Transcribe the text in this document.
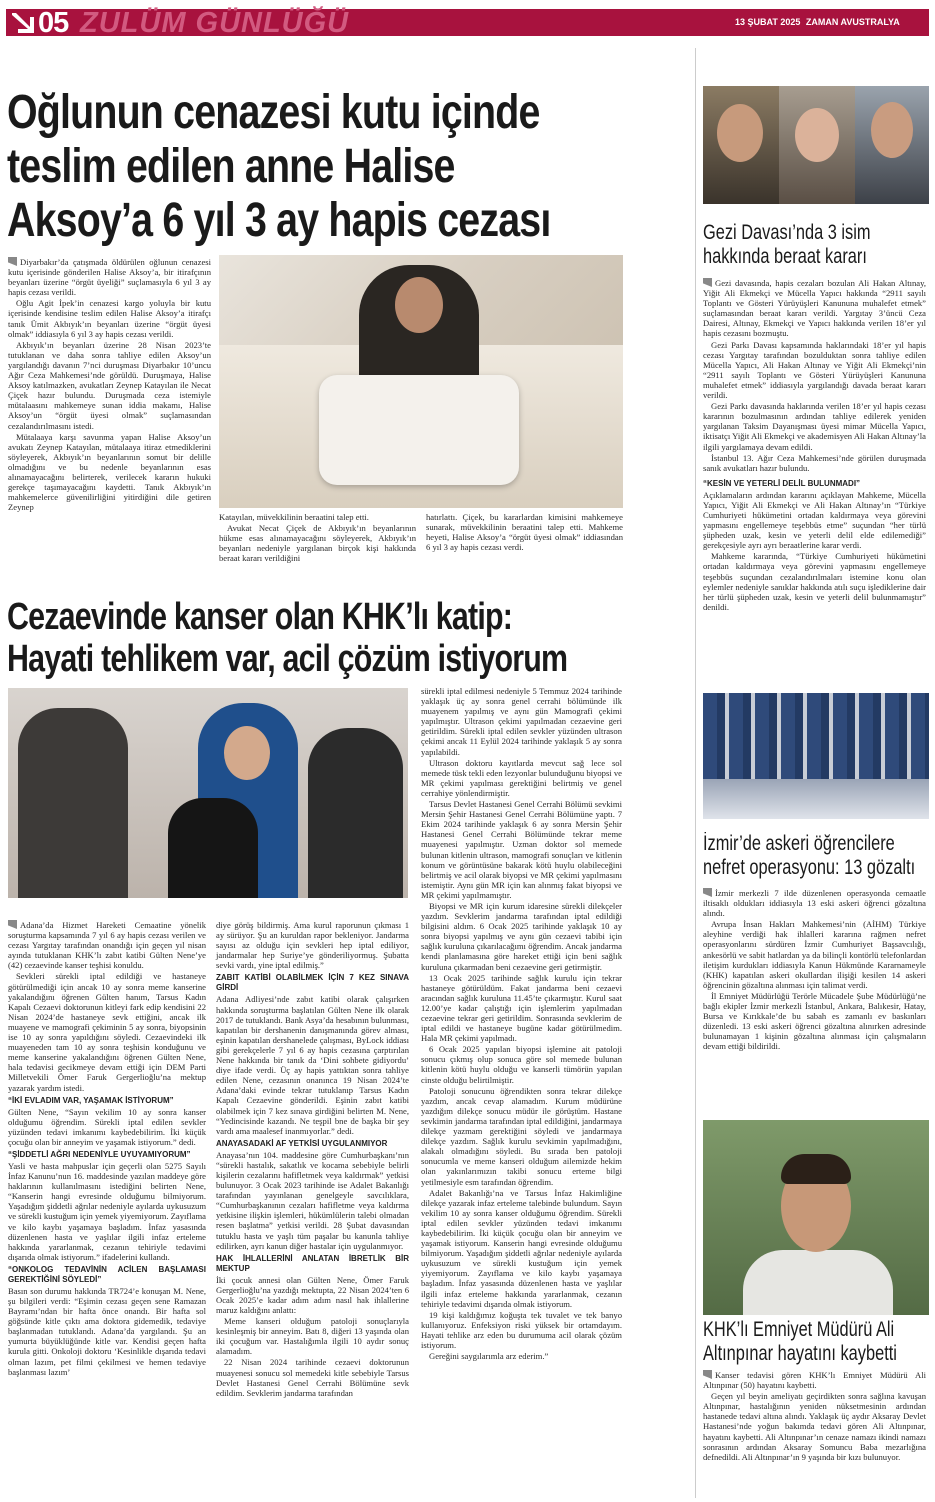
05 ZULÜM GÜNLÜĞÜ	13 ŞUBAT 2025 ZAMAN AVUSTRALYA
Oğlunun cenazesi kutu içinde
teslim edilen anne Halise
Aksoy’a 6 yıl 3 ay hapis cezası

Diyarbakır’da çatışmada öldürülen oğlunun cenazesi kutu içerisinde gönderilen Halise Aksoy’a, bir itirafçının beyanları üzerine “örgüt üyeliği” suçlamasıyla 6 yıl 3 ay hapis cezası verildi.

Oğlu Agit İpek’in cenazesi kargo yoluyla bir kutu içerisinde kendisine teslim edilen Halise Aksoy’a itirafçı tanık Ümit Akbıyık’ın beyanları üzerine “örgüt üyesi olmak” iddiasıyla 6 yıl 3 ay hapis cezası verildi.

Akbıyık’ın beyanları üzerine 28 Nisan 2023’te tutuklanan ve daha sonra tahliye edilen Aksoy’un yargılandığı davanın 7’nci duruşması Diyarbakır 10’uncu Ağır Ceza Mahkemesi’nde görüldü. Duruşmaya, Halise Aksoy katılmazken, avukatları Zeynep Katayılan ile Necat Çiçek hazır bulundu. Duruşmada ceza istemiyle mütalaasını mahkemeye sunan iddia makamı, Halise Aksoy’un “örgüt üyesi olmak” suçlamasından cezalandırılmasını istedi.

Mütalaaya karşı savunma yapan Halise Aksoy’un avukatı Zeynep Katayılan, mütalaaya itiraz etmediklerini söyleyerek, Akbıyık’ın beyanlarının somut bir delille olmadığını ve bu nedenle beyanlarının esas alınamayacağını belirterek, verilecek kararın hukuki gerekçe taşımayacağını kaydetti. Tanık Akbıyık’ın mahkemelerce güvenilirliğini yitirdiğini dile getiren Zeynep

Katayılan, müvekkilinin beraatini talep etti.

Avukat Necat Çiçek de Akbıyık’ın beyanlarının hükme esas alınamayacağını söyleyerek, Akbıyık’ın beyanları nedeniyle yargılanan birçok kişi hakkında beraat kararı verildiğini

hatırlattı. Çiçek, bu kararlardan kimisini mahkemeye sunarak, müvekkilinin beraatini talep etti. Mahkeme heyeti, Halise Aksoy’a “örgüt üyesi olmak” iddiasından 6 yıl 3 ay hapis cezası verdi.

Cezaevinde kanser olan KHK’lı katip:
Hayati tehlikem var, acil çözüm istiyorum

Adana’da Hizmet Hareketi Cemaatine yönelik soruşturma kapsamında 7 yıl 6 ay hapis cezası verilen ve cezası Yargıtay tarafından onandığı için geçen yıl nisan ayında tutuklanan KHK’lı zabıt katibi Gülten Nene’ye (42) cezaevinde kanser teşhisi konuldu.

Sevkleri sürekli iptal edildiği ve hastaneye götürülmediği için ancak 10 ay sonra meme kanserine yakalandığını öğrenen Gülten hanım, Tarsus Kadın Kapalı Cezaevi doktorunun kitleyi fark edip kendisini 22 Nisan 2024’de hastaneye sevk ettiğini, ancak ilk muayene ve mamografi çekiminin 5 ay sonra, biyopsinin ise 10 ay sonra yapıldığını söyledi. Cezaevindeki ilk muayeneden tam 10 ay sonra teşhisin konduğunu ve meme kanserine yakalandığını öğrenen Gülten Nene, hala tedavisi gecikmeye devam ettiği için DEM Parti Milletvekili Ömer Faruk Gergerlioğlu’na mektup yazarak yardım istedi.

“İKİ EVLADIM VAR, YAŞAMAK İSTİYORUM”

Gülten Nene, “Sayın vekilim 10 ay sonra kanser olduğumu öğrendim. Sürekli iptal edilen sevkler yüzünden tedavi imkanımı kaybedebilirim. İki küçük çocuğu olan bir anneyim ve yaşamak istiyorum.” dedi.

“ŞİDDETLİ AĞRI NEDENİYLE UYUYAMIYORUM”

Yasli ve hasta mahpuslar için geçerli olan 5275 Sayılı İnfaz Kanunu’nun 16. maddesinde yazılan maddeye göre haklarının kullanılmasını istediğini belirten Nene, “Kanserin hangi evresinde olduğumu bilmiyorum. Yaşadığım şiddetli ağrılar nedeniyle ayılarda uykusuzum ve sürekli kustuğum için yemek yiyemiyorum. Zayıflama ve kilo kaybı yaşamaya başladım. İnfaz yasasında düzenlenen hasta ve yaşlılar ilgili infaz erteleme hakkında yararlanmak, cezanın tehiriyle tedavimi dışarıda olmak istiyorum.” ifadelerini kullandı.

“ONKOLOG TEDAVİNİN ACİLEN BAŞLAMASI GEREKTİĞİNİ SÖYLEDİ”

Basın son durumu hakkında TR724’e konuşan M. Nene, şu bilgileri verdi: “Eşimin cezası geçen sene Ramazan Bayramı’ndan bir hafta önce onandı. Bir hafta sol göğsünde kitle çıktı ama doktora gidemedik, tedaviye başlanmadan tutuklandı. Adana’da yargılandı. Şu an yumurta büyüklüğünde kitle var. Kendisi geçen hafta kurula gitti. Onkoloji doktoru ‘Kesinlikle dışarıda tedavi olman lazım, pet filmi çekilmesi ve hemen tedaviye başlanması lazım’

diye görüş bildirmiş. Ama kurul raporunun çıkması 1 ay sürüyor. Şu an kuruldan rapor bekleniyor. Jandarma sayısı az olduğu için sevkleri hep iptal ediliyor, jandarmalar hep Suriye’ye gönderiliyormuş. Şubatta sevki vardı, yine iptal edilmiş.”

ZABIT KATİBİ OLABİLMEK İÇİN 7 KEZ SINAVA GİRDİ

Adana Adliyesi’nde zabıt katibi olarak çalışırken hakkında soruşturma başlatılan Gülten Nene ilk olarak 2017 de tutuklandı. Bank Asya’da hesabının bulunması, kapatılan bir dershanenin danışmanında görev alması, eşinin kapatılan dershanelede çalışması, ByLock iddiası gibi gerekçelerle 7 yıl 6 ay hapis cezasına çarptırılan Nene hakkında bir tanık da ‘Dini sohbete gidiyordu’ diye ifade verdi. Üç ay hapis yattıktan sonra tahliye edilen Nene, cezasının onanınca 19 Nisan 2024’te Adana’daki evinde tekrar tutuklanıp Tarsus Kadın Kapalı Cezaevine gönderildi. Eşinin zabıt katibi olabilmek için 7 kez sınava girdiğini belirten M. Nene, “Yedincisinde kazandı. Ne teşpil bne de başka bir şey vardı ama maalesef inanmıyorlar.” dedi.

ANAYASADAKİ AF YETKİSİ UYGULANMIYOR

Anayasa’nın 104. maddesine göre Cumhurbaşkanı’nın “sürekli hastalık, sakatlık ve kocama sebebiyle belirli kişilerin cezalarını hafifletmek veya kaldırmak” yetkisi bulunuyor. 3 Ocak 2023 tarihinde ise Adalet Bakanlığı tarafından yayınlanan genelgeyle savcılıklara, “Cumhurbaşkanının cezaları hafifletme veya kaldırma yetkisine ilişkin işlemleri, hükümlülerin talebi olmadan resen başlatma” yetkisi verildi. 28 Şubat davasından tutuklu hasta ve yaşlı tüm paşalar bu kanunla tahliye edilirken, ayrı kanun diğer hastalar için uygulanmıyor.

HAK İHLALLERİNİ ANLATAN İBRETLİK BİR MEKTUP

İki çocuk annesi olan Gülten Nene, Ömer Faruk Gergerlioğlu’na yazdığı mektupta, 22 Nisan 2024’ten 6 Ocak 2025’e kadar adım adım nasıl hak ihlallerine maruz kaldığını anlattı:

Meme kanseri olduğum patoloji sonuçlarıyla kesinleşmiş bir anneyim. Batı 8, diğeri 13 yaşında olan iki çocuğum var. Hastalığımla ilgili 10 aydır sonuç alamadım.

22 Nisan 2024 tarihinde cezaevi doktorunun muayenesi sonucu sol memedeki kitle sebebiyle Tarsus Devlet Hastanesi Genel Cerrahi Bölümüne sevk edildim. Sevklerim jandarma tarafından

sürekli iptal edilmesi nedeniyle 5 Temmuz 2024 tarihinde yaklaşık üç ay sonra genel cerrahi bölümünde ilk muayenem yapılmış ve aynı gün Mamografi çekimi yapılmıştır. Ultrason çekimi yapılmadan cezaevine geri getirildim. Sürekli iptal edilen sevkler yüzünden ultrason çekimi ancak 11 Eylül 2024 tarihinde yaklaşık 5 ay sonra yapılabildi.

Ultrason doktoru kayıtlarda mevcut sağ lece sol memede tüsk tekli eden lezyonlar bulunduğunu biyopsi ve MR çekimi yapılması gerektiğini belirtmiş ve genel cerrahiye yönlendirmiştir.

Tarsus Devlet Hastanesi Genel Cerrahi Bölümü sevkimi Mersin Şehir Hastanesi Genel Cerrahi Bölümüne yaptı. 7 Ekim 2024 tarihinde yaklaşık 6 ay sonra Mersin Şehir Hastanesi Genel Cerrahi Bölümünde tekrar meme muayenesi yapılmıştır. Uzman doktor sol memede bulunan kitlenin ultrason, mamografi sonuçları ve kitlenin konum ve görüntüsüne bakarak kötü huylu olabileceğini belirtmiş ve acil olarak biyopsi ve MR çekimi yapılmasını istemiştir. Aynı gün MR için kan alınmış fakat biyopsi ve MR çekimi yapılmamıştır.

Biyopsi ve MR için kurum idaresine sürekli dilekçeler yazdım. Sevklerim jandarma tarafından iptal edildiği bilgisini aldım. 6 Ocak 2025 tarihinde yaklaşık 10 ay sonra biyopsi yapılmış ve aynı gün cezaevi tabibi için sağlık kuruluna çıkarılacağımı öğrendim. Ancak jandarma kendi planlamasına göre hareket ettiği için beni sağlık kuruluna çıkarmadan beni cezaevine geri getirmiştir.

13 Ocak 2025 tarihinde sağlık kurulu için tekrar hastaneye götürüldüm. Fakat jandarma beni cezaevi aracından sağlık kuruluna 11.45’te çıkarmıştır. Kurul saat 12.00’ye kadar çalıştığı için işlemlerim yapılmadan cezaevine tekrar geri getirildim. Sonrasında sevklerim de iptal edildi ve hastaneye bugüne kadar götürülmedim. Hala MR çekimi yapılmadı.

6 Ocak 2025 yapılan biyopsi işlemine ait patoloji sonucu çıkmış olup sonuca göre sol memede bulunan kitlenin kötü huylu olduğu ve kanserli tümörün yapılan cinste olduğu belirtilmiştir.

Patoloji sonucunu öğrendikten sonra tekrar dilekçe yazdım, ancak cevap alamadım. Kurum müdürüne yazdığım dilekçe sonucu müdür ile görüştüm. Hastane sevkimin jandarma tarafından iptal edildiğini, jandarmaya dilekçe yazmam gerektiğini söyledi ve jandarmaya dilekçe yazdım. Sağlık kurulu sevkimin yapılmadığını, alakalı olmadığını söyledi. Bu sırada ben patoloji sonucumla ve meme kanseri olduğum ailemizde hekim olan yakınlarımızın takibi sonucu erteme bilgi yetilmesiyle esm tarafından öğrendim.

Adalet Bakanlığı’na ve Tarsus İnfaz Hakimliğine dilekçe yazarak infaz erteleme talebinde bulundum. Sayın vekilim 10 ay sonra kanser olduğumu öğrendim. Sürekli iptal edilen sevkler yüzünden tedavi imkanımı kaybedebilirim. İki küçük çocuğu olan bir anneyim ve yaşamak istiyorum. Kanserin hangi evresinde olduğumu bilmiyorum. Yaşadığım şiddetli ağrılar nedeniyle ayılarda uykusuzum ve sürekli kustuğum için yemek yiyemiyorum. Zayıflama ve kilo kaybı yaşamaya başladım. İnfaz yasasında düzenlenen hasta ve yaşlılar ilgili infaz erteleme hakkında yararlanmak, cezanın tehiriyle tedavimi dışarıda olmak istiyorum.

19 kişi kaldığımız koğuşta tek tuvalet ve tek banyo kullanıyoruz. Enfeksiyon riski yüksek bir ortamdayım. Hayati tehlike arz eden bu durumuma acil olarak çözüm istiyorum.

Gereğini saygılarımla arz ederim.”

Gezi Davası’nda 3 isim
hakkında beraat kararı

Gezi davasında, hapis cezaları bozulan Ali Hakan Altınay, Yiğit Ali Ekmekçi ve Mücella Yapıcı hakkında “2911 sayılı Toplantı ve Gösteri Yürüyüşleri Kanununa muhalefet etmek” suçlamasından beraat kararı verildi. Yargıtay 3’üncü Ceza Dairesi, Altınay, Ekmekçi ve Yapıcı hakkında verilen 18’er yıl hapis cezasını bozmuştu.

Gezi Parkı Davası kapsamında haklarındaki 18’er yıl hapis cezası Yargıtay tarafından bozulduktan sonra tahliye edilen Mücella Yapıcı, Ali Hakan Altınay ve Yiğit Ali Ekmekçi’nin “2911 sayılı Toplantı ve Gösteri Yürüyüşleri Kanununa muhalefet etmek” iddiasıyla yargılandığı davada beraat kararı verildi.

Gezi Parkı davasında haklarında verilen 18’er yıl hapis cezası kararının bozulmasının ardından tahliye edilerek yeniden yargılanan Taksim Dayanışması üyesi mimar Mücella Yapıcı, iktisatçı Yiğit Ali Ekmekçi ve akademisyen Ali Hakan Altınay’la ilgili yargılamaya devam edildi.

İstanbul 13. Ağır Ceza Mahkemesi’nde görülen duruşmada sanık avukatları hazır bulundu.

“KESİN VE YETERLİ DELİL BULUNMADI”

Açıklamaların ardından kararını açıklayan Mahkeme, Mücella Yapıcı, Yiğit Ali Ekmekçi ve Ali Hakan Altınay’ın “Türkiye Cumhuriyeti hükümetini ortadan kaldırmaya veya görevini yapmasını engellemeye teşebbüs etme” suçundan “her türlü şüpheden uzak, kesin ve yeterli delil elde edilemediği” gerekçesiyle ayrı ayrı beraatlerine karar verdi.

Mahkeme kararında, “Türkiye Cumhuriyeti hükümetini ortadan kaldırmaya veya görevini yapmasını engellemeye teşebbüs suçundan cezalandırılmaları istemine konu olan eylemler nedeniyle sanıklar hakkında atılı suçu işlediklerine dair her türlü şüpheden uzak, kesin ve yeterli delil bulunmamıştır” denildi.

İzmir’de askeri öğrencilere
nefret operasyonu: 13 gözaltı

İzmir merkezli 7 ilde düzenlenen operasyonda cemaatle iltisaklı oldukları iddiasıyla 13 eski askeri öğrenci gözaltına alındı.

Avrupa İnsan Hakları Mahkemesi’nin (AİHM) Türkiye aleyhine verdiği hak ihlalleri kararına rağmen nefret operasyonlarını sürdüren İzmir Cumhuriyet Başsavcılığı, ankesörlü ve sabit hatlardan ya da bilinçli kontörlü telefonlardan iletişim kurdukları iddiasıyla Kanun Hükmünde Kararnameyle (KHK) kapatılan askeri okullardan ilişiği kesilen 14 askeri öğrencinin gözaltına alınması için talimat verdi.

İl Emniyet Müdürlüğü Terörle Mücadele Şube Müdürlüğü’ne bağlı ekipler İzmir merkezli İstanbul, Ankara, Balıkesir, Hatay, Bursa ve Kırıkkale’de bu sabah es zamanlı ev baskınları düzenledi. 13 eski askeri öğrenci gözaltına alınırken adresinde bulunamayan 1 kişinin gözaltına alınması için çalışmaların devam ettiği bildirildi.

KHK’lı Emniyet Müdürü Ali
Altınpınar hayatını kaybetti

Kanser tedavisi gören KHK’lı Emniyet Müdürü Ali Altınpınar (50) hayatını kaybetti.

Geçen yıl beyin ameliyatı geçirdikten sonra sağlına kavuşan Altınpınar, hastalığının yeniden nüksetmesinin ardından hastanede tedavi altına alındı. Yaklaşık üç aydır Aksaray Devlet Hastanesi’nde yoğun bakımda tedavi gören Ali Altınpınar, hayatını kaybetti. Ali Altınpınar’ın cenaze namazı ikindi namazı sonrasının ardından Aksaray Somuncu Baba mezarlığına defnedildi. Ali Altınpınar’ın 9 yaşında bir kızı bulunuyor.
